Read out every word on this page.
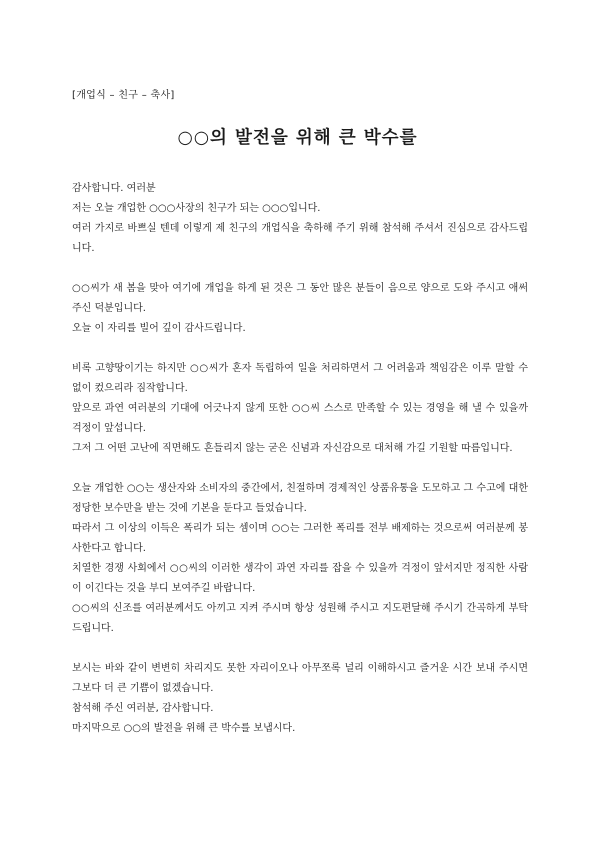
[개업식 – 친구 – 축사]
○○의 발전을 위해 큰 박수를

감사합니다. 여러분

저는 오늘 개업한 ○○○사장의 친구가 되는 ○○○입니다.

여러 가지로 바쁘실 텐데 이렇게 제 친구의 개업식을 축하해 주기 위해 참석해 주셔서 진심으로 감사드립니다.

○○씨가 새 봄을 맞아 여기에 개업을 하게 된 것은 그 동안 많은 분들이 음으로 양으로 도와 주시고 애써 주신 덕분입니다.

오늘 이 자리를 빌어 깊이 감사드립니다.

비록 고향땅이기는 하지만 ○○씨가 혼자 독립하여 일을 처리하면서 그 어려움과 책임감은 이루 말할 수 없이 컸으리라 짐작합니다.

앞으로 과연 여러분의 기대에 어긋나지 않게 또한 ○○씨 스스로 만족할 수 있는 경영을 해 낼 수 있을까 걱정이 앞섭니다.

그저 그 어떤 고난에 직면해도 흔들리지 않는 굳은 신념과 자신감으로 대처해 가길 기원할 따름입니다.

오늘 개업한 ○○는 생산자와 소비자의 중간에서, 친절하며 경제적인 상품유통을 도모하고 그 수고에 대한 정당한 보수만을 받는 것에 기본을 둔다고 들었습니다.

따라서 그 이상의 이득은 폭리가 되는 셈이며 ○○는 그러한 폭리를 전부 배제하는 것으로써 여러분께 봉사한다고 합니다.

치열한 경쟁 사회에서 ○○씨의 이러한 생각이 과연 자리를 잡을 수 있을까 걱정이 앞서지만 정직한 사람이 이긴다는 것을 부디 보여주길 바랍니다.

○○씨의 신조를 여러분께서도 아끼고 지켜 주시며 항상 성원해 주시고 지도편달해 주시기 간곡하게 부탁드립니다.

보시는 바와 같이 변변히 차리지도 못한 자리이오나 아무쪼록 널리 이해하시고 즐거운 시간 보내 주시면 그보다 더 큰 기쁨이 없겠습니다.

참석해 주신 여러분, 감사합니다.

마지막으로 ○○의 발전을 위해 큰 박수를 보냅시다.
